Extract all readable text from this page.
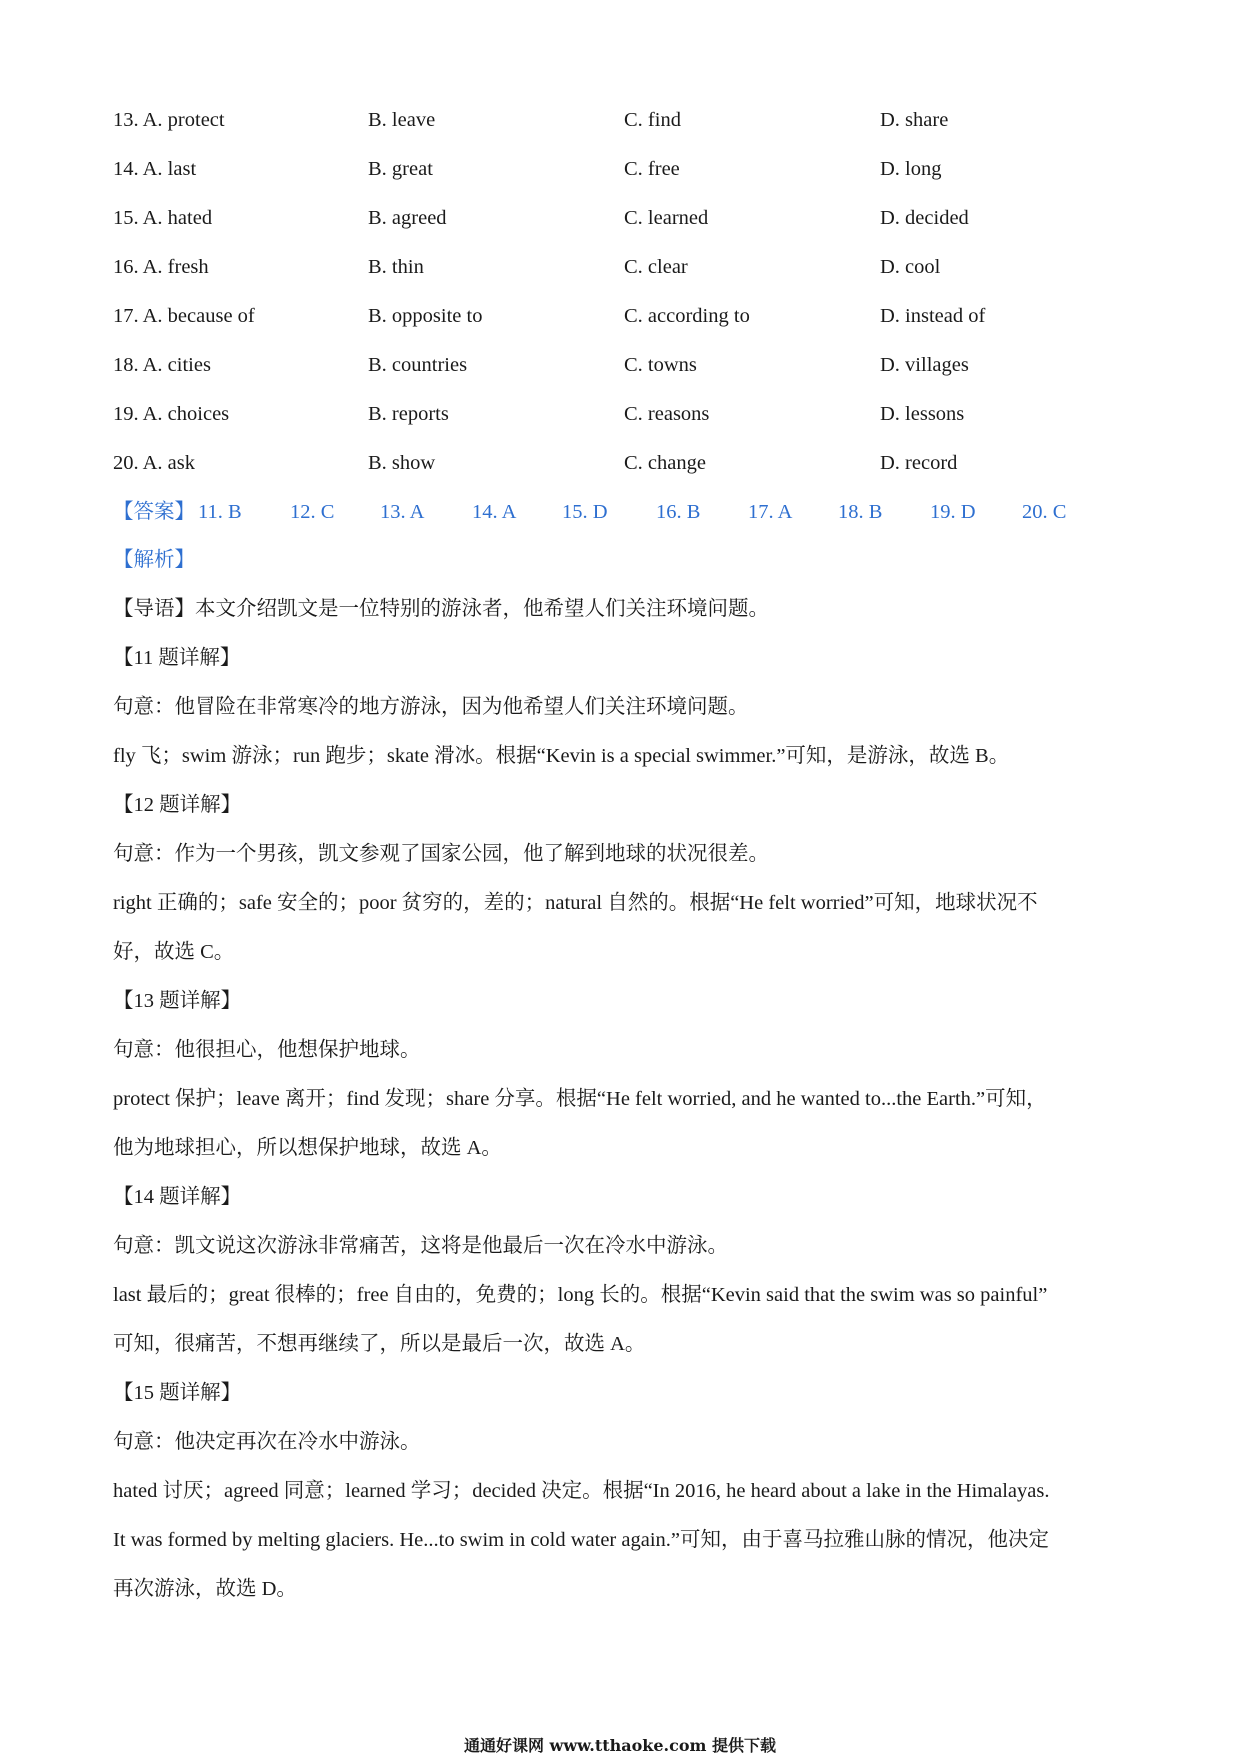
13. A. protect	B. leave	C. find	D. share
14. A. last	B. great	C. free	D. long
15. A. hated	B. agreed	C. learned	D. decided
16. A. fresh	B. thin	C. clear	D. cool
17. A. because of	B. opposite to	C. according to	D. instead of
18. A. cities	B. countries	C. towns	D. villages
19. A. choices	B. reports	C. reasons	D. lessons
20. A. ask	B. show	C. change	D. record
【答案】 11. B 12. C 13. A 14. A 15. D 16. B 17. A 18. B 19. D 20. C
【解析】
【导语】本文介绍凯文是一位特别的游泳者，他希望人们关注环境问题。
【11 题详解】
句意：他冒险在非常寒冷的地方游泳，因为他希望人们关注环境问题。
fly 飞；swim 游泳；run 跑步；skate 滑冰。根据“Kevin is a special swimmer.”可知，是游泳，故选 B。
【12 题详解】
句意：作为一个男孩，凯文参观了国家公园，他了解到地球的状况很差。
right 正确的；safe 安全的；poor 贫穷的，差的；natural 自然的。根据“He felt worried”可知，地球状况不
好，故选 C。
【13 题详解】
句意：他很担心，他想保护地球。
protect 保护；leave 离开；find 发现；share 分享。根据“He felt worried, and he wanted to...the Earth.”可知，
他为地球担心，所以想保护地球，故选 A。
【14 题详解】
句意：凯文说这次游泳非常痛苦，这将是他最后一次在冷水中游泳。
last 最后的；great 很棒的；free 自由的，免费的；long 长的。根据“Kevin said that the swim was so painful”
可知，很痛苦，不想再继续了，所以是最后一次，故选 A。
【15 题详解】
句意：他决定再次在冷水中游泳。
hated 讨厌；agreed 同意；learned 学习；decided 决定。根据“In 2016, he heard about a lake in the Himalayas.
It was formed by melting glaciers. He...to swim in cold water again.”可知，由于喜马拉雅山脉的情况，他决定
再次游泳，故选 D。
通通好课网 www.tthaoke.com 提供下载
